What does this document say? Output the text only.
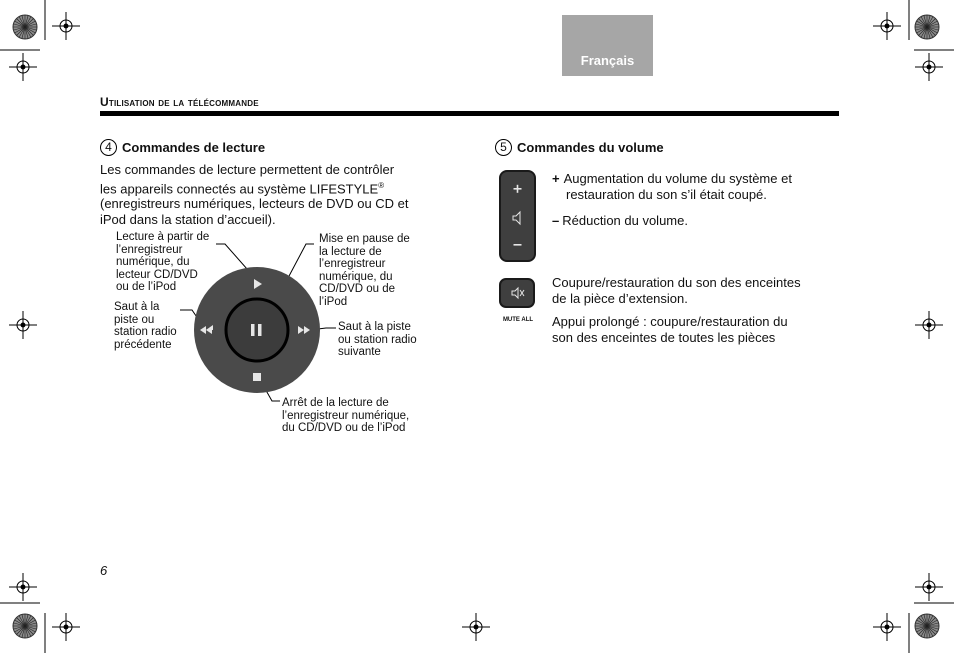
Français
Utilisation de la télécommande
4 Commandes de lecture
Les commandes de lecture permettent de contrôler
les appareils connectés au système LIFESTYLE®
(enregistreurs numériques, lecteurs de DVD ou CD et
iPod dans la station d’accueil).
Lecture à partir de
l’enregistreur
numérique, du
lecteur CD/DVD
ou de l’iPod
Mise en pause de
la lecture de
l’enregistreur
numérique, du
CD/DVD ou de
l’iPod
Saut à la
piste ou
station radio
précédente
Saut à la piste
ou station radio
suivante
Arrêt de la lecture de
l’enregistreur numérique,
du CD/DVD ou de l’iPod
5 Commandes du volume
+ Augmentation du volume du système et
restauration du son s’il était coupé.
– Réduction du volume.
MUTE ALL
Coupure/restauration du son des enceintes
de la pièce d’extension.
Appui prolongé : coupure/restauration du
son des enceintes de toutes les pièces
6
